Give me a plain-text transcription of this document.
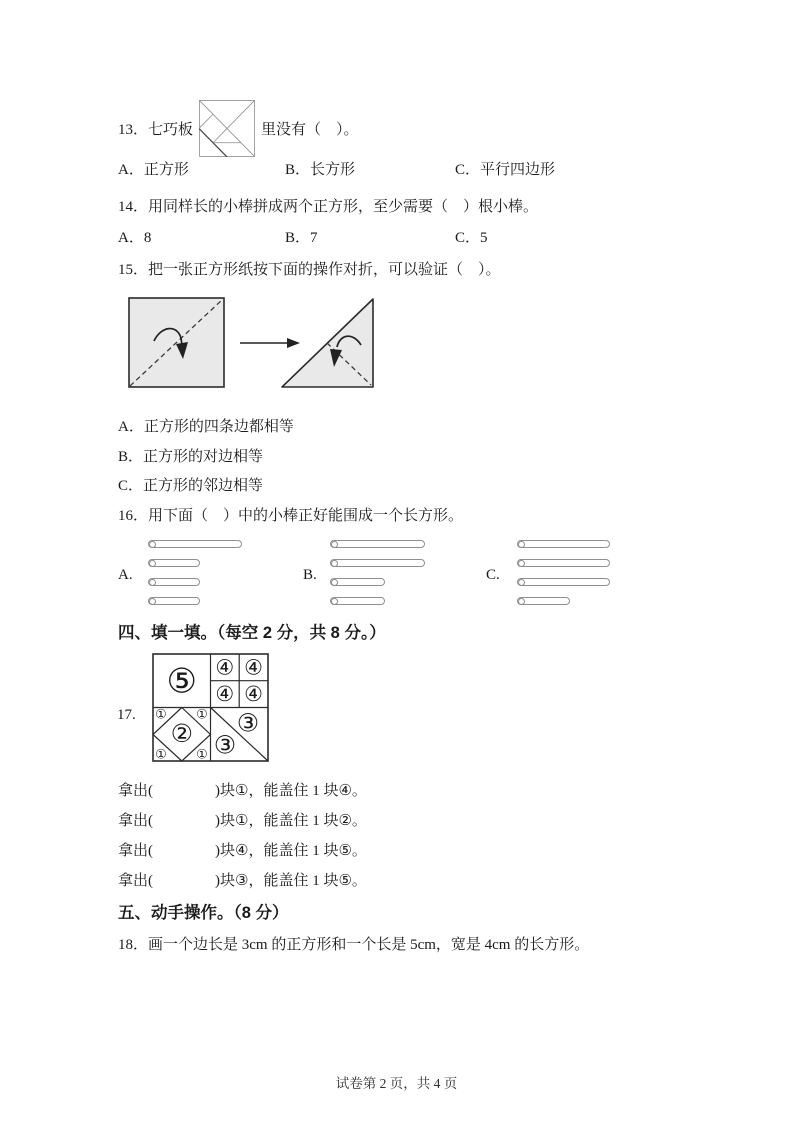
13．七巧板	里没有（　）。
A．正方形	B．长方形	C．平行四边形
14．用同样长的小棒拼成两个正方形，至少需要（　）根小棒。
A．8	B．7	C．5
15．把一张正方形纸按下面的操作对折，可以验证（　）。
A．正方形的四条边都相等
B．正方形的对边相等
C．正方形的邻边相等
16．用下面（　）中的小棒正好能围成一个长方形。
A.	B.	C.
四、填一填。（每空 2 分，共 8 分。）
17.
⑤ ④ ④
④ ④
① ①
① ①
② ③
③
拿出(	)块①，能盖住 1 块④。
拿出(	)块①，能盖住 1 块②。
拿出(	)块④，能盖住 1 块⑤。
拿出(	)块③，能盖住 1 块⑤。
五、动手操作。（8 分）
18．画一个边长是 3cm 的正方形和一个长是 5cm，宽是 4cm 的长方形。
试卷第 2 页，共 4 页
